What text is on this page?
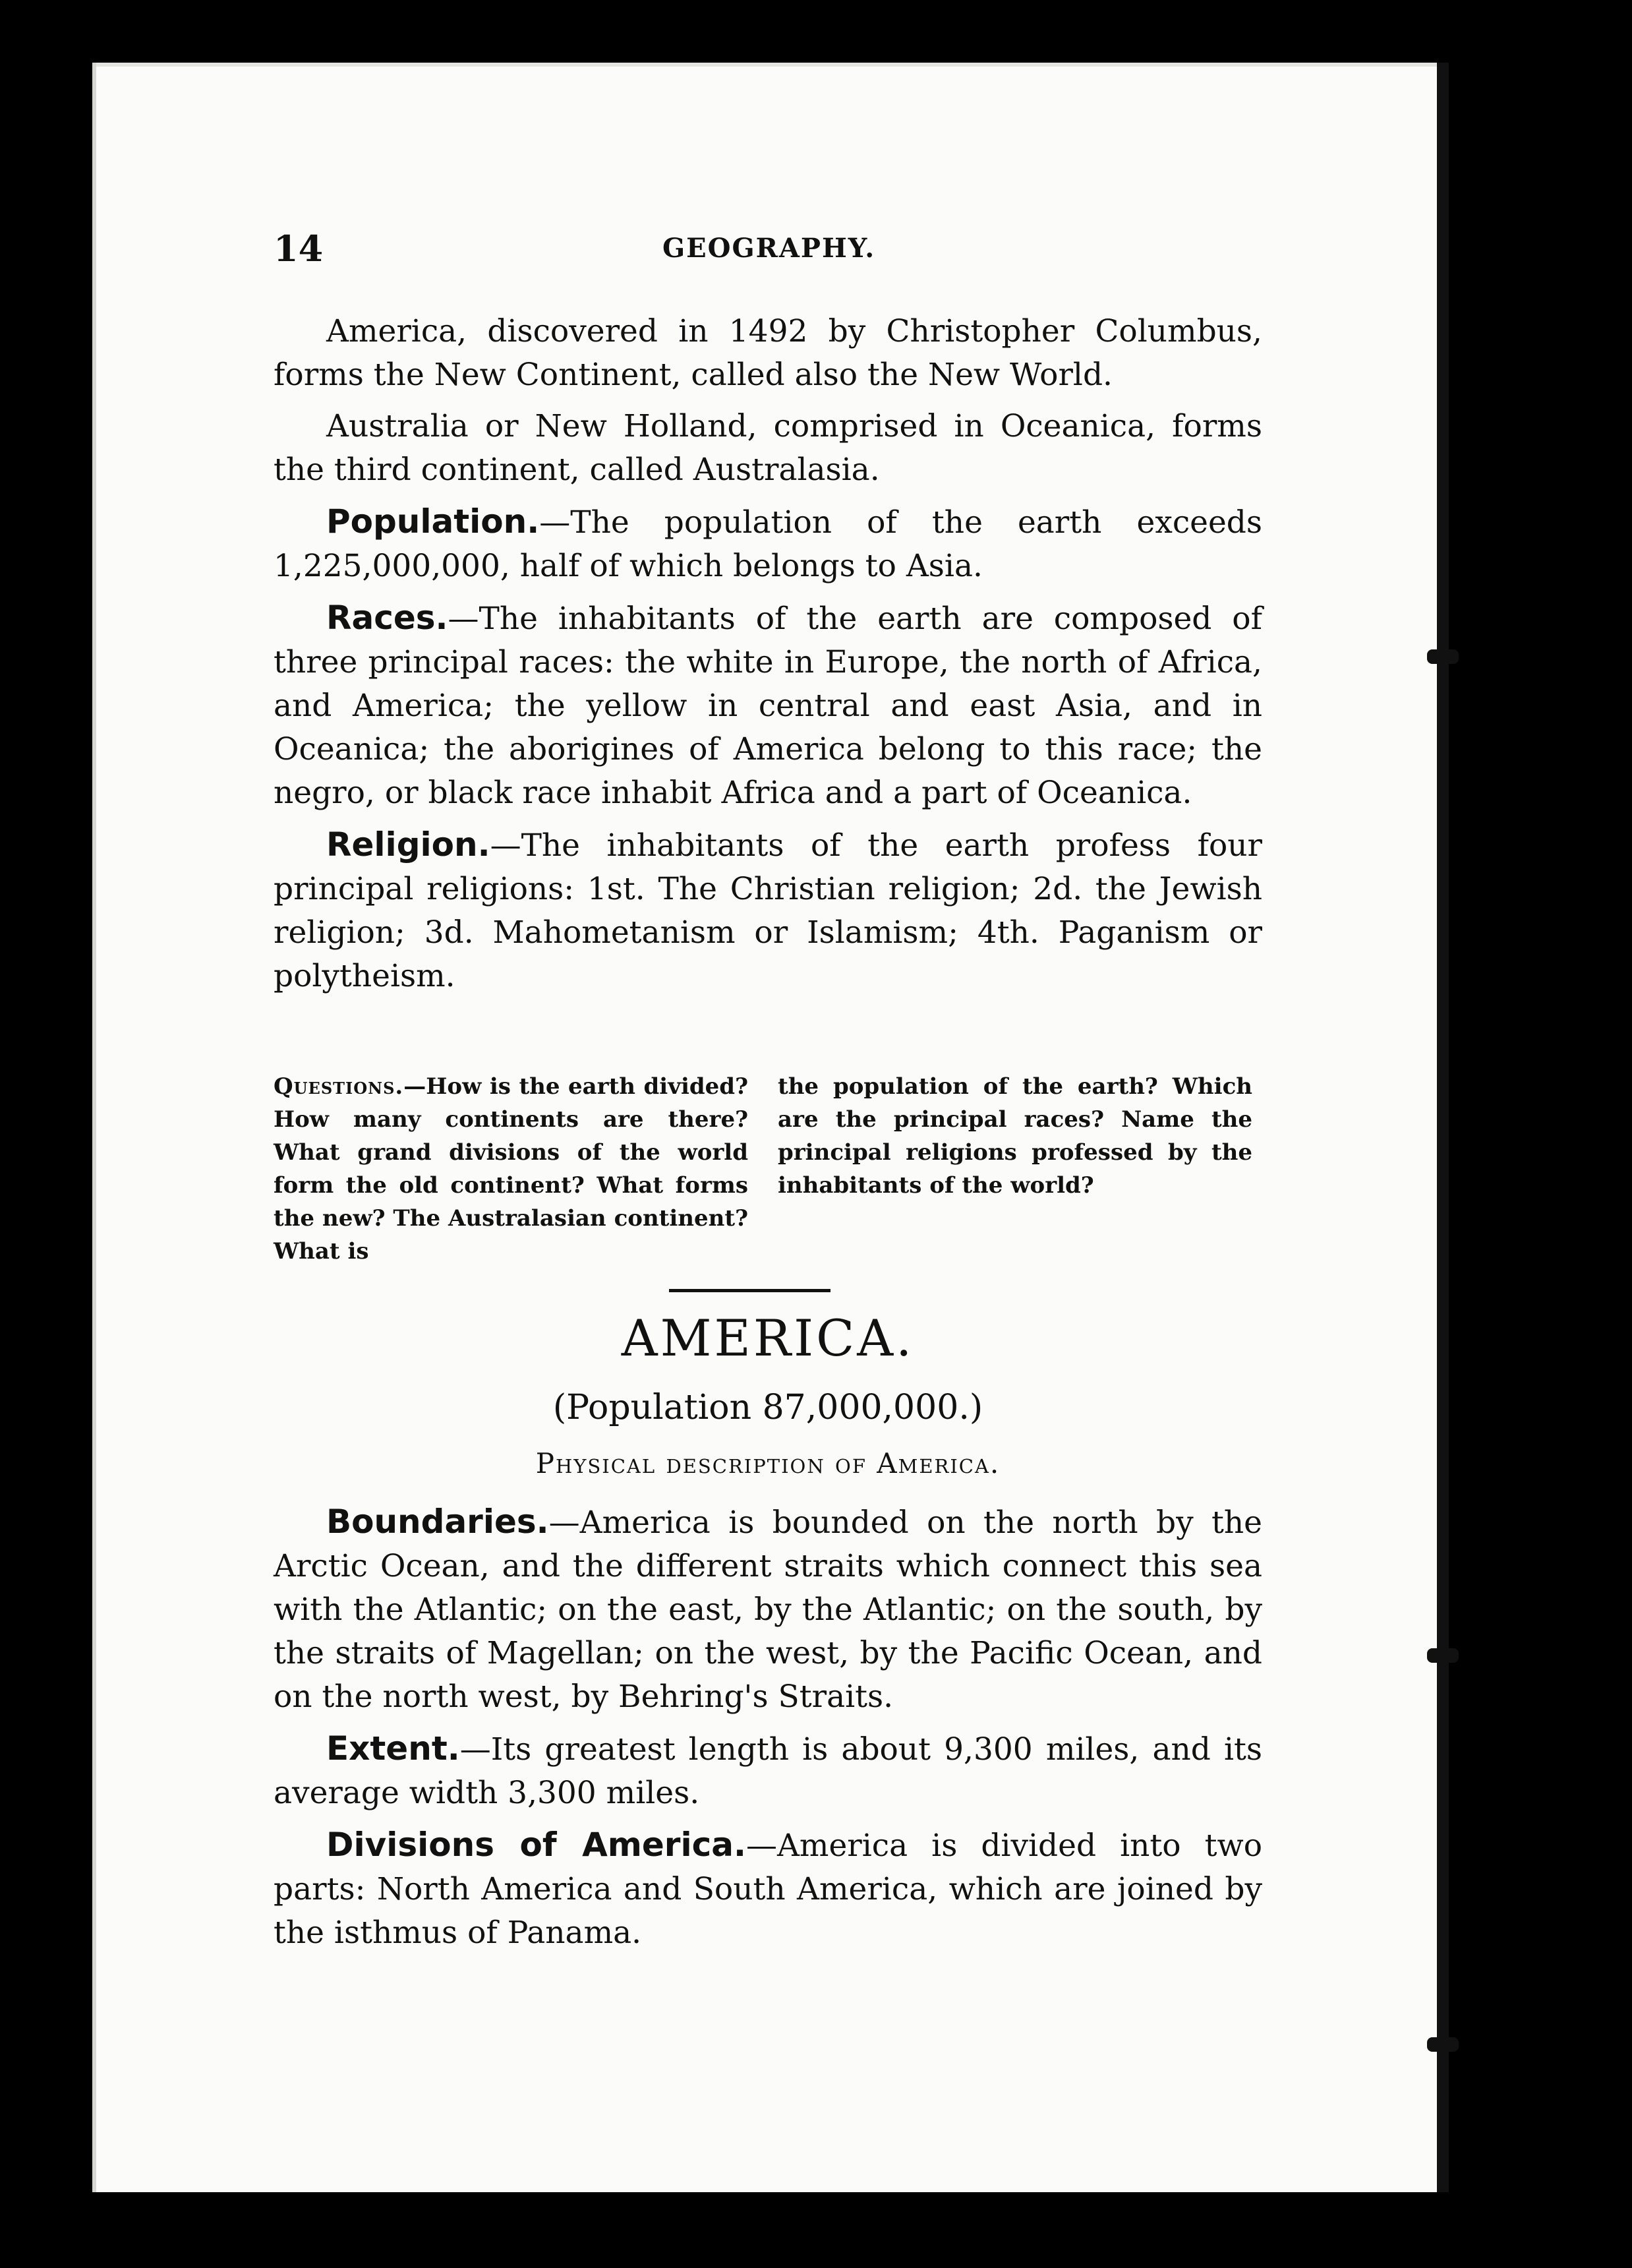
14	GEOGRAPHY.

America, discovered in 1492 by Christopher Columbus, forms the New Continent, called also the New World.

Australia or New Holland, comprised in Oceanica, forms the third continent, called Australasia.

Population.—The population of the earth exceeds 1,225,000,000, half of which belongs to Asia.

Races.—The inhabitants of the earth are composed of three principal races: the white in Europe, the north of Africa, and America; the yellow in central and east Asia, and in Oceanica; the aborigines of America belong to this race; the negro, or black race inhabit Africa and a part of Oceanica.

Religion.—The inhabitants of the earth profess four principal religions: 1st. The Christian religion; 2d. the Jewish religion; 3d. Mahometanism or Islamism; 4th. Paganism or polytheism.

Questions.—How is the earth divided? How many continents are there? What grand divisions of the world form the old continent? What forms the new? The Australasian continent? What is
the population of the earth? Which are the principal races? Name the principal religions professed by the inhabitants of the world?
AMERICA.
(Population 87,000,000.)
Physical description of America.

Boundaries.—America is bounded on the north by the Arctic Ocean, and the different straits which connect this sea with the Atlantic; on the east, by the Atlantic; on the south, by the straits of Magellan; on the west, by the Pacific Ocean, and on the north west, by Behring's Straits.

Extent.—Its greatest length is about 9,300 miles, and its average width 3,300 miles.

Divisions of America.—America is divided into two parts: North America and South America, which are joined by the isthmus of Panama.
